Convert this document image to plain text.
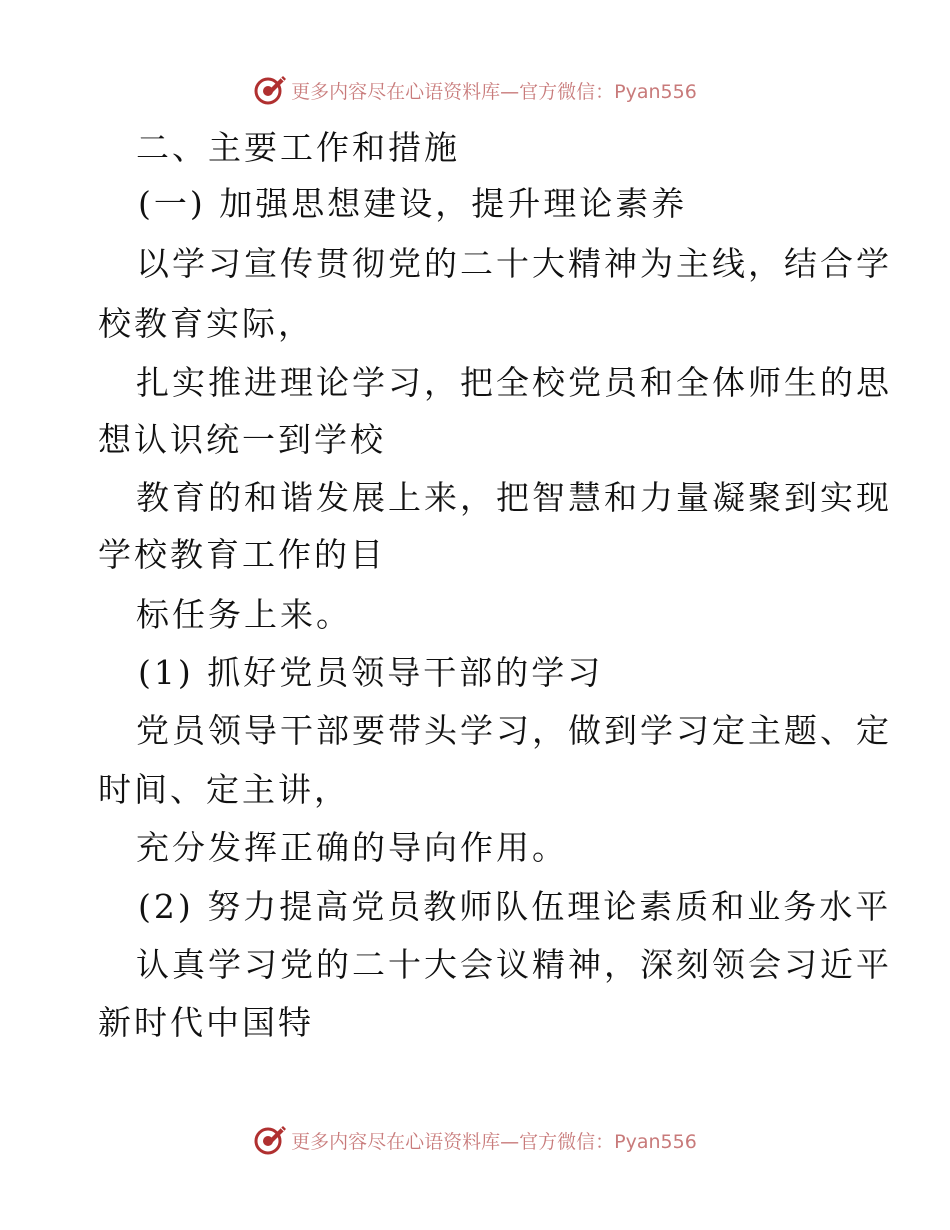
更多内容尽在心语资料库—官方微信：Pyan556
二、主要工作和措施
(一) 加强思想建设，提升理论素养
以学习宣传贯彻党的二十大精神为主线，结合学
校教育实际，
扎实推进理论学习，把全校党员和全体师生的思
想认识统一到学校
教育的和谐发展上来，把智慧和力量凝聚到实现
学校教育工作的目
标任务上来。
(1) 抓好党员领导干部的学习
党员领导干部要带头学习，做到学习定主题、定
时间、定主讲，
充分发挥正确的导向作用。
(2) 努力提高党员教师队伍理论素质和业务水平
认真学习党的二十大会议精神，深刻领会习近平
新时代中国特
更多内容尽在心语资料库—官方微信：Pyan556
